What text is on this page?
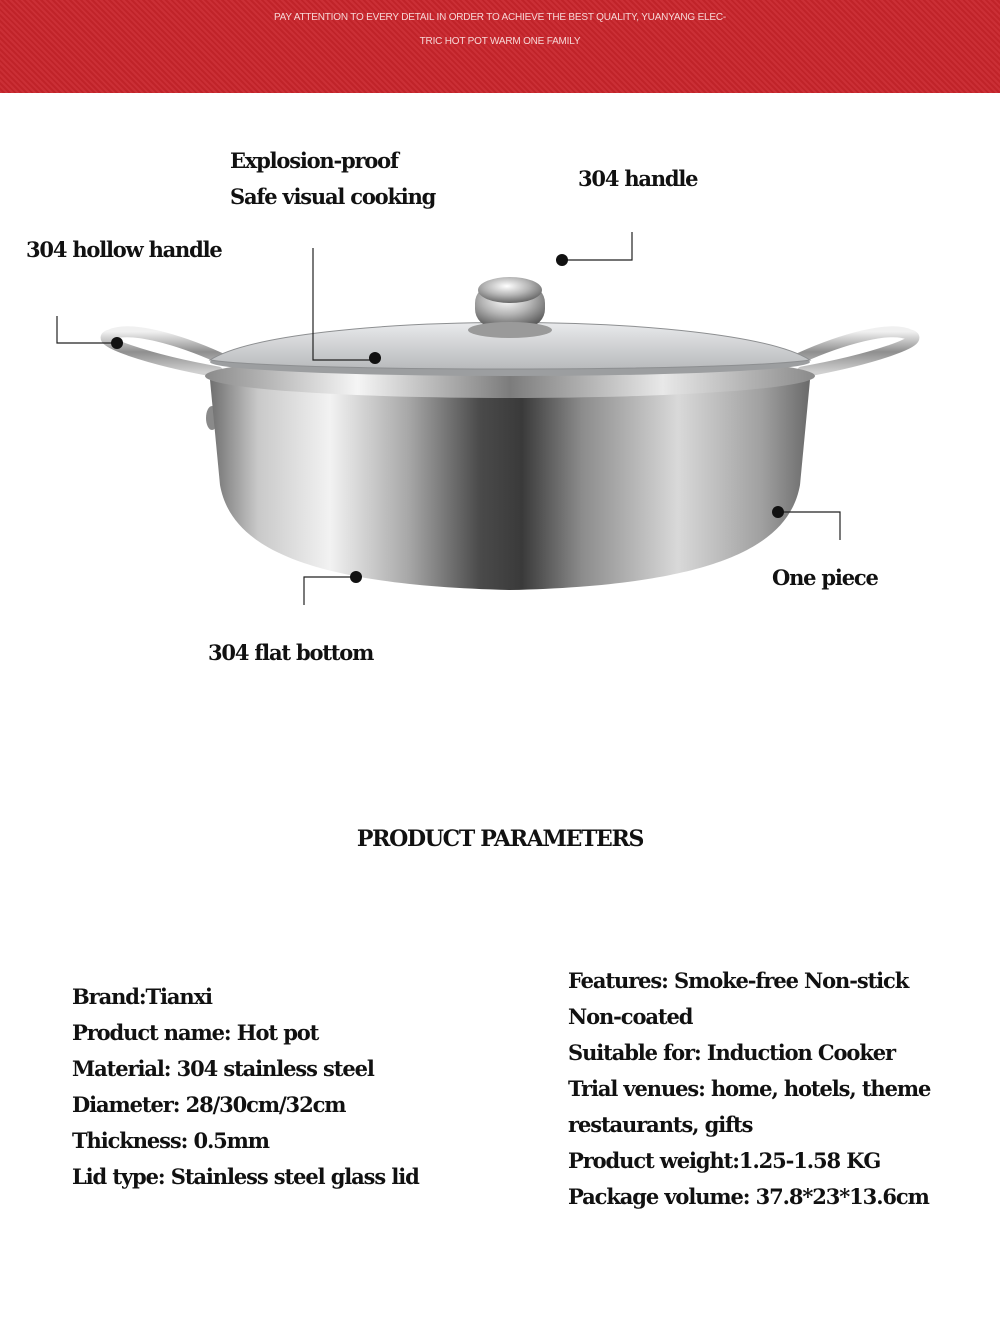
PAY ATTENTION TO EVERY DETAIL IN ORDER TO ACHIEVE THE BEST QUALITY, YUANYANG ELEC-
TRIC HOT POT WARM ONE FAMILY
Explosion-proof
Safe visual cooking
304 handle
304 hollow handle
One piece
304 flat bottom
PRODUCT PARAMETERS
Brand:Tianxi
Product name: Hot pot
Material: 304 stainless steel
Diameter: 28/30cm/32cm
Thickness: 0.5mm
Lid type: Stainless steel glass lid
Features: Smoke-free Non-stick
Non-coated
Suitable for: Induction Cooker
Trial venues: home, hotels, theme
restaurants, gifts
Product weight:1.25-1.58 KG
Package volume: 37.8*23*13.6cm
